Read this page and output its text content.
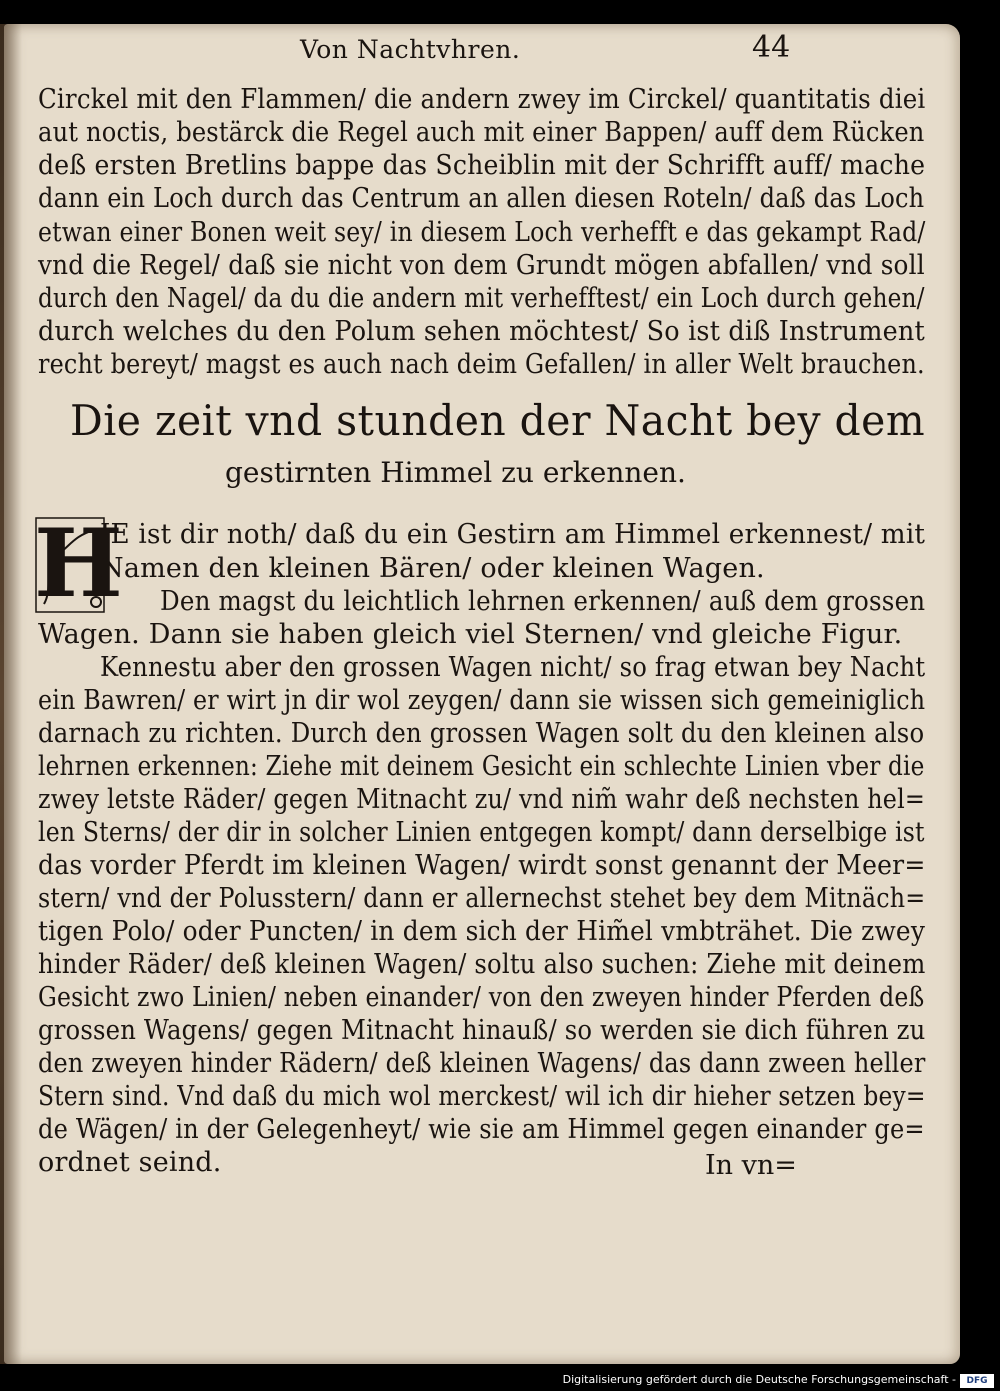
Von Nachtvhren.	44
Circkel mit den Flammen/ die andern zwey im Circkel/ quantitatis diei
aut noctis, bestärck die Regel auch mit einer Bappen/ auff dem Rücken
deß ersten Bretlins bappe das Scheiblin mit der Schrifft auff/ mache
dann ein Loch durch das Centrum an allen diesen Roteln/ daß das Loch
etwan einer Bonen weit sey/ in diesem Loch verhefft e das gekampt Rad/
vnd die Regel/ daß sie nicht von dem Grundt mögen abfallen/ vnd soll
durch den Nagel/ da du die andern mit verhefftest/ ein Loch durch gehen/
durch welches du den Polum sehen möchtest/ So ist diß Instrument
recht bereyt/ magst es auch nach deim Gefallen/ in aller Welt brauchen.
Die zeit vnd stunden der Nacht bey dem
gestirnten Himmel zu erkennen.
H
IE ist dir noth/ daß du ein Gestirn am Himmel erkennest/ mit
Namen den kleinen Bären/ oder kleinen Wagen.
Den magst du leichtlich lehrnen erkennen/ auß dem grossen
Wagen. Dann sie haben gleich viel Sternen/ vnd gleiche Figur.
Kennestu aber den grossen Wagen nicht/ so frag etwan bey Nacht
ein Bawren/ er wirt jn dir wol zeygen/ dann sie wissen sich gemeiniglich
darnach zu richten. Durch den grossen Wagen solt du den kleinen also
lehrnen erkennen: Ziehe mit deinem Gesicht ein schlechte Linien vber die
zwey letste Räder/ gegen Mitnacht zu/ vnd nim̃ wahr deß nechsten hel=
len Sterns/ der dir in solcher Linien entgegen kompt/ dann derselbige ist
das vorder Pferdt im kleinen Wagen/ wirdt sonst genannt der Meer=
stern/ vnd der Polusstern/ dann er allernechst stehet bey dem Mitnäch=
tigen Polo/ oder Puncten/ in dem sich der Him̃el vmbträhet. Die zwey
hinder Räder/ deß kleinen Wagen/ soltu also suchen: Ziehe mit deinem
Gesicht zwo Linien/ neben einander/ von den zweyen hinder Pferden deß
grossen Wagens/ gegen Mitnacht hinauß/ so werden sie dich führen zu
den zweyen hinder Rädern/ deß kleinen Wagens/ das dann zween heller
Stern sind. Vnd daß du mich wol merckest/ wil ich dir hieher setzen bey=
de Wägen/ in der Gelegenheyt/ wie sie am Himmel gegen einander ge=
ordnet seind.	In vn=
Digitalisierung gefördert durch die Deutsche Forschungsgemeinschaft -	DFG
